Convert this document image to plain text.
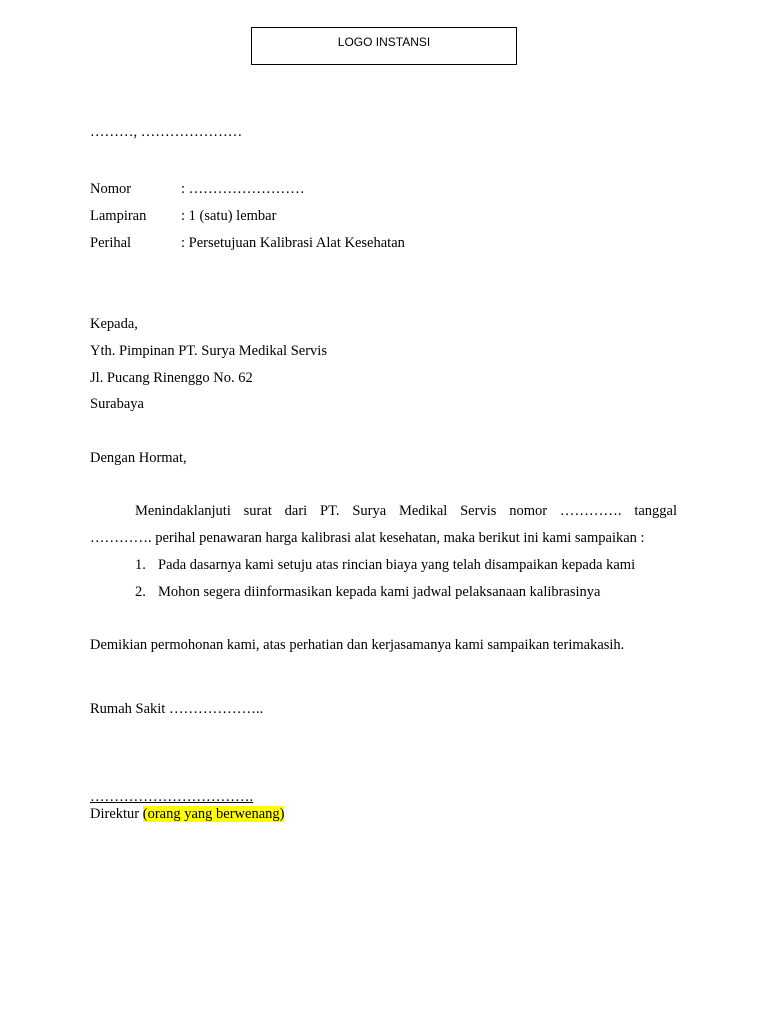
LOGO INSTANSI
………, …………………
Nomor	: ……………………
Lampiran : 1 (satu) lembar
Perihal	: Persetujuan Kalibrasi Alat Kesehatan
Kepada,
Yth. Pimpinan PT. Surya Medikal Servis
Jl. Pucang Rinenggo No. 62
Surabaya
Dengan Hormat,
Menindaklanjuti surat dari PT. Surya Medikal Servis nomor …………. tanggal
…………. perihal penawaran harga kalibrasi alat kesehatan, maka berikut ini kami sampaikan :
1. Pada dasarnya kami setuju atas rincian biaya yang telah disampaikan kepada kami
2. Mohon segera diinformasikan kepada kami jadwal pelaksanaan kalibrasinya
Demikian permohonan kami, atas perhatian dan kerjasamanya kami sampaikan terimakasih.
Rumah Sakit ………………..
…………………………….
Direktur (orang yang berwenang)
